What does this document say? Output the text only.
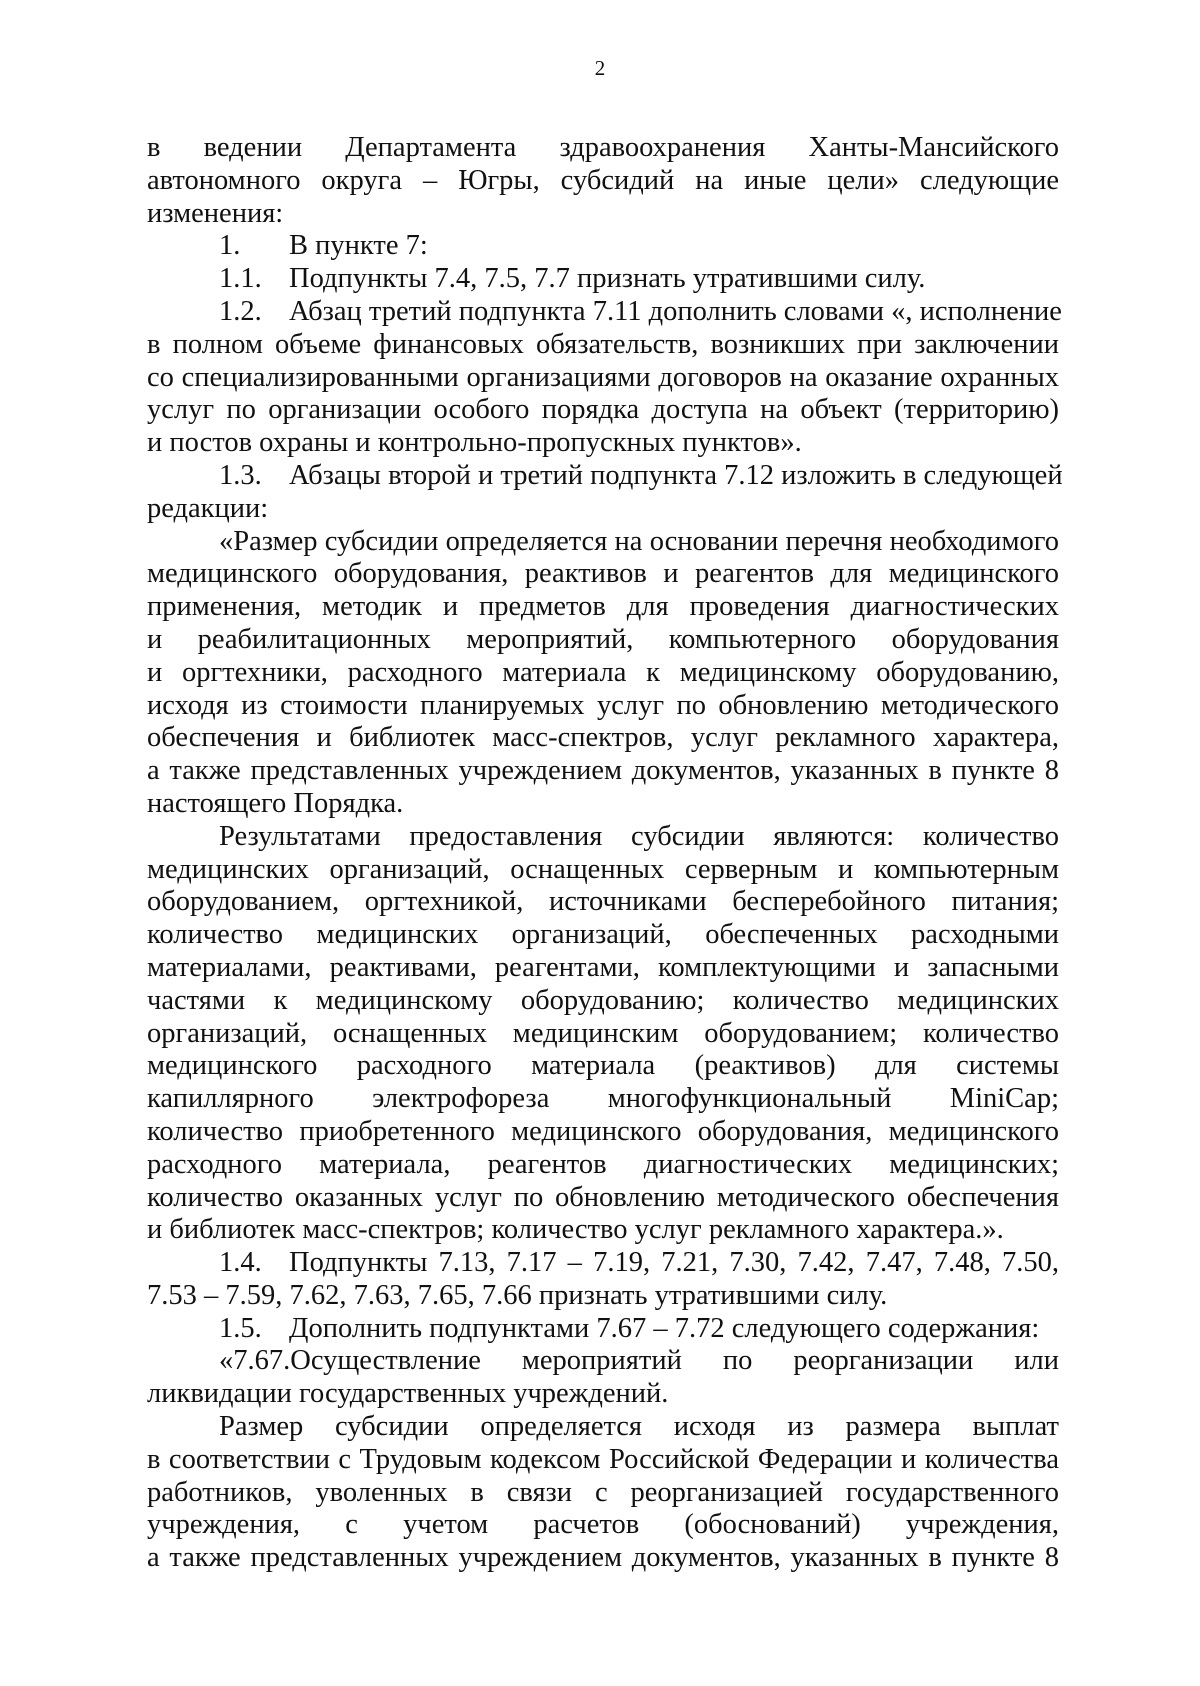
2
в ведении Департамента здравоохранения Ханты-Мансийского
автономного округа – Югры, субсидий на иные цели» следующие
изменения:
1. В пункте 7:
1.1. Подпункты 7.4, 7.5, 7.7 признать утратившими силу.
1.2. Абзац третий подпункта 7.11 дополнить словами «, исполнение
в полном объеме финансовых обязательств, возникших при заключении
со специализированными организациями договоров на оказание охранных
услуг по организации особого порядка доступа на объект (территорию)
и постов охраны и контрольно-пропускных пунктов».
1.3. Абзацы второй и третий подпункта 7.12 изложить в следующей
редакции:
«Размер субсидии определяется на основании перечня необходимого
медицинского оборудования, реактивов и реагентов для медицинского
применения, методик и предметов для проведения диагностических
и реабилитационных мероприятий, компьютерного оборудования
и оргтехники, расходного материала к медицинскому оборудованию,
исходя из стоимости планируемых услуг по обновлению методического
обеспечения и библиотек масс-спектров, услуг рекламного характера,
а также представленных учреждением документов, указанных в пункте 8
настоящего Порядка.
Результатами предоставления субсидии являются: количество
медицинских организаций, оснащенных серверным и компьютерным
оборудованием, оргтехникой, источниками бесперебойного питания;
количество медицинских организаций, обеспеченных расходными
материалами, реактивами, реагентами, комплектующими и запасными
частями к медицинскому оборудованию; количество медицинских
организаций, оснащенных медицинским оборудованием; количество
медицинского расходного материала (реактивов) для системы
капиллярного электрофореза многофункциональный MiniCap;
количество приобретенного медицинского оборудования, медицинского
расходного материала, реагентов диагностических медицинских;
количество оказанных услуг по обновлению методического обеспечения
и библиотек масс-спектров; количество услуг рекламного характера.».
1.4. Подпункты 7.13, 7.17 – 7.19, 7.21, 7.30, 7.42, 7.47, 7.48, 7.50,
7.53 – 7.59, 7.62, 7.63, 7.65, 7.66 признать утратившими силу.
1.5. Дополнить подпунктами 7.67 – 7.72 следующего содержания:
«7.67.Осуществление мероприятий по реорганизации или
ликвидации государственных учреждений.
Размер субсидии определяется исходя из размера выплат
в соответствии с Трудовым кодексом Российской Федерации и количества
работников, уволенных в связи с реорганизацией государственного
учреждения, с учетом расчетов (обоснований) учреждения,
а также представленных учреждением документов, указанных в пункте 8
